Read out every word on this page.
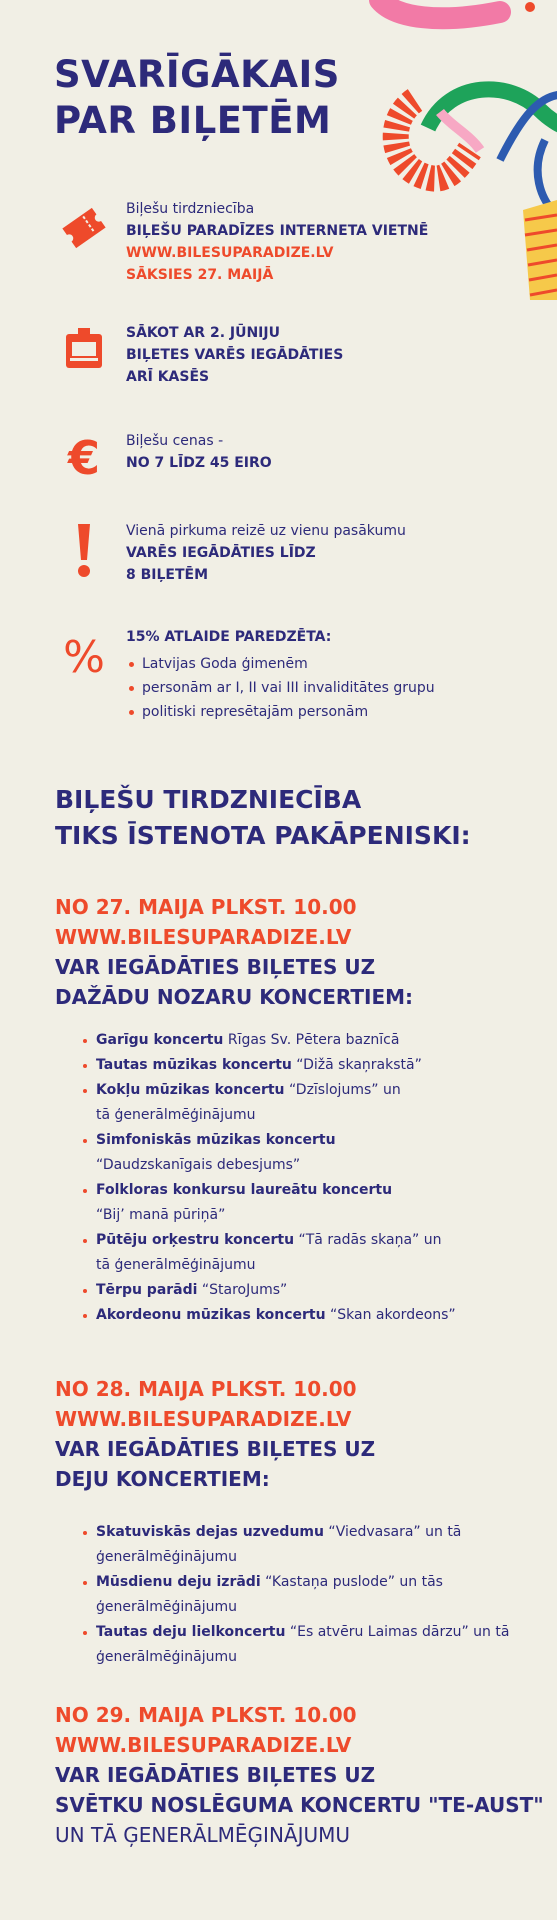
SVARĪGĀKAIS
PAR BIĻETĒM
Biļešu tirdzniecība
BIĻEŠU PARADĪZES INTERNETA VIETNĒ
WWW.BILESUPARADIZE.LV
SĀKSIES 27. MAIJĀ
SĀKOT AR 2. JŪNIJU
BIĻETES VARĒS IEGĀDĀTIES
ARĪ KASĒS
€ Biļešu cenas -
NO 7 LĪDZ 45 EIRO
Vienā pirkuma reizē uz vienu pasākumu
VARĒS IEGĀDĀTIES LĪDZ
8 BIĻETĒM
% 15% ATLAIDE PAREDZĒTA:
Latvijas Goda ģimenēm
personām ar I, II vai III invaliditātes grupu
politiski represētajām personām
BIĻEŠU TIRDZNIECĪBA
TIKS ĪSTENOTA PAKĀPENISKI:
NO 27. MAIJA PLKST. 10.00
WWW.BILESUPARADIZE.LV
VAR IEGĀDĀTIES BIĻETES UZ
DAŽĀDU NOZARU KONCERTIEM:
Garīgu koncertu Rīgas Sv. Pētera baznīcā
Tautas mūzikas koncertu “Dižā skaņrakstā”
Kokļu mūzikas koncertu “Dzīslojums” un
tā ģenerālmēģinājumu
Simfoniskās mūzikas koncertu
“Daudzskanīgais debesjums”
Folkloras konkursu laureātu koncertu
“Bij’ manā pūriņā”
Pūtēju orķestru koncertu “Tā radās skaņa” un
tā ģenerālmēģinājumu
Tērpu parādi “StaroJums”
Akordeonu mūzikas koncertu “Skan akordeons”
NO 28. MAIJA PLKST. 10.00
WWW.BILESUPARADIZE.LV
VAR IEGĀDĀTIES BIĻETES UZ
DEJU KONCERTIEM:
Skatuviskās dejas uzvedumu “Viedvasara” un tā
ģenerālmēģinājumu
Mūsdienu deju izrādi “Kastaņa puslode” un tās
ģenerālmēģinājumu
Tautas deju lielkoncertu “Es atvēru Laimas dārzu” un tā
ģenerālmēģinājumu
NO 29. MAIJA PLKST. 10.00
WWW.BILESUPARADIZE.LV
VAR IEGĀDĀTIES BIĻETES UZ
SVĒTKU NOSLĒGUMA KONCERTU "TE-AUST"
UN TĀ ĢENERĀLMĒĢINĀJUMU
